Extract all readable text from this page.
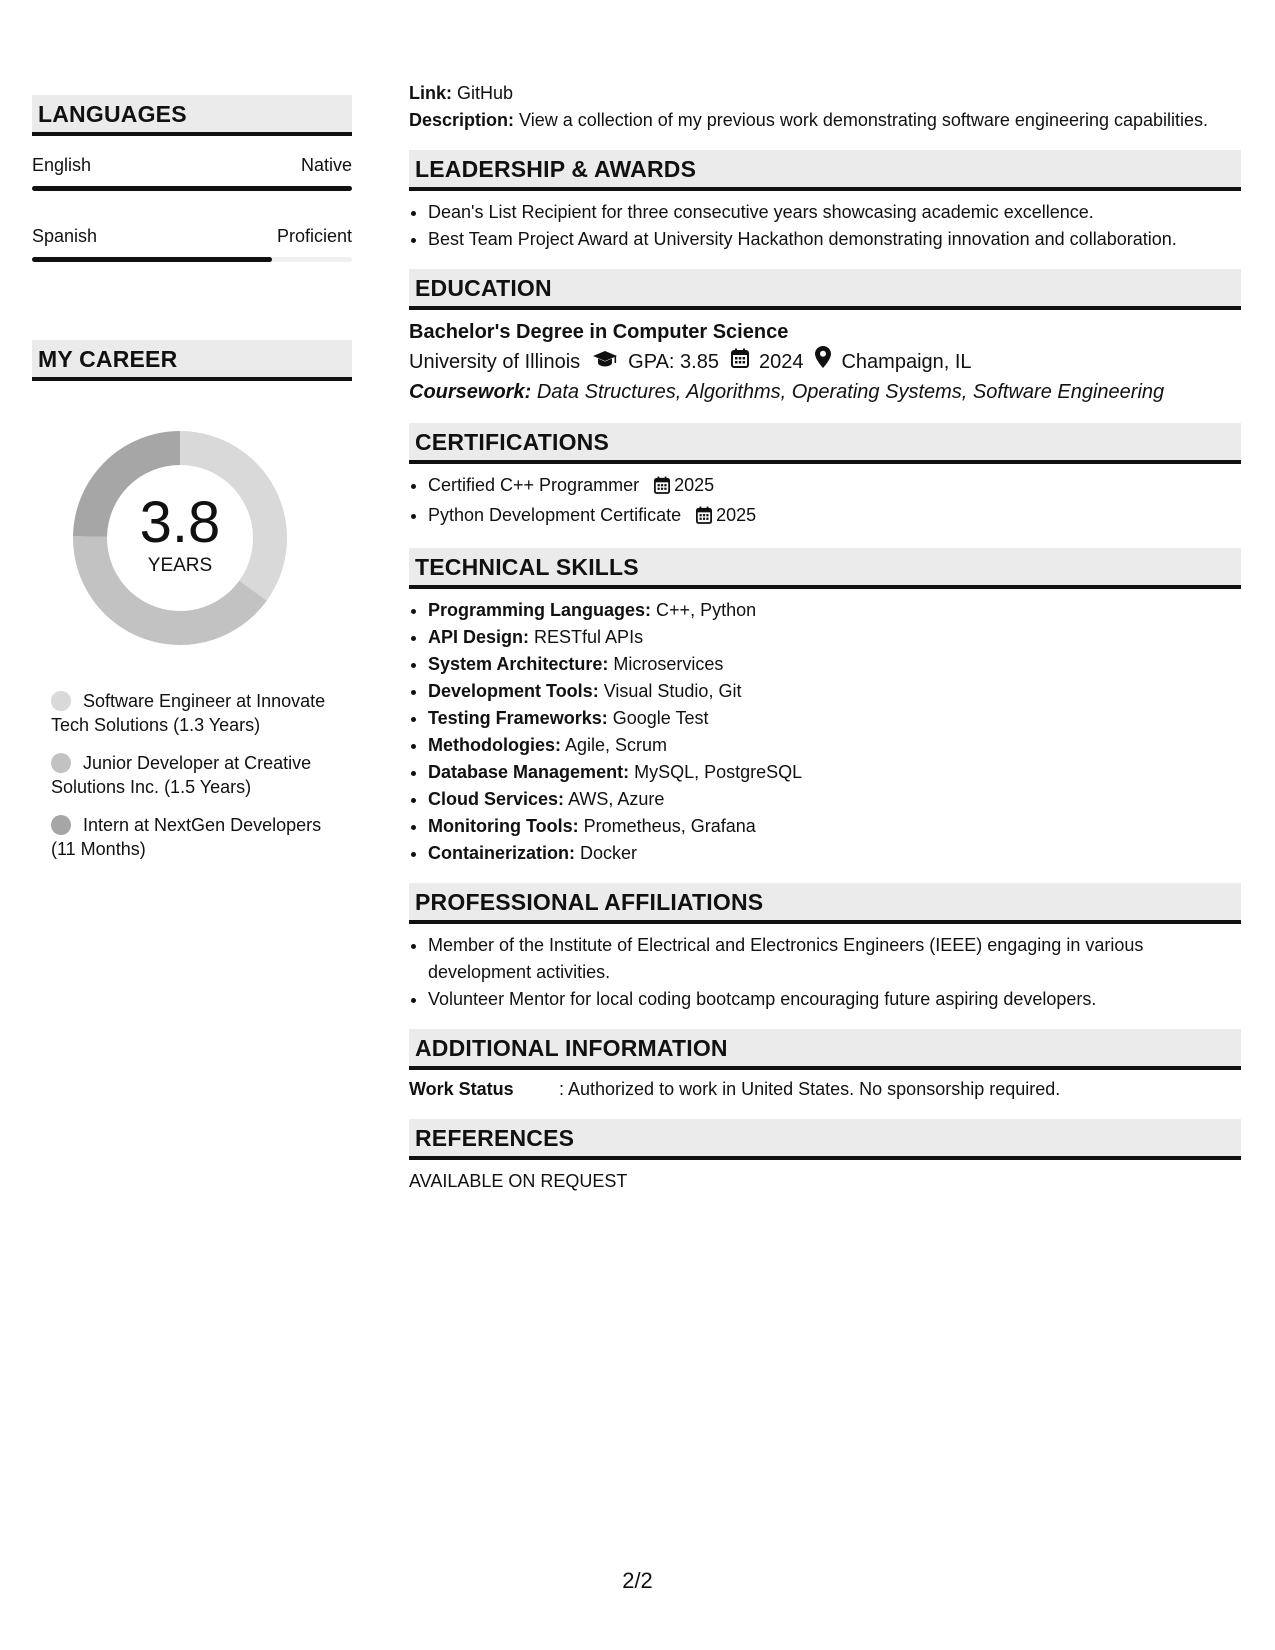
LANGUAGES
English	Native
Spanish	Proficient
MY CAREER
3.8
YEARS
Software Engineer at Innovate Tech Solutions (1.3 Years)
Junior Developer at Creative Solutions Inc. (1.5 Years)
Intern at NextGen Developers (11 Months)
Link: GitHub
Description: View a collection of my previous work demonstrating software engineering capabilities.
LEADERSHIP & AWARDS
• Dean's List Recipient for three consecutive years showcasing academic excellence.
• Best Team Project Award at University Hackathon demonstrating innovation and collaboration.
EDUCATION
Bachelor's Degree in Computer Science
University of Illinois GPA: 3.85 2024 Champaign, IL
Coursework: Data Structures, Algorithms, Operating Systems, Software Engineering
CERTIFICATIONS
• Certified C++ Programmer 2025
• Python Development Certificate 2025
TECHNICAL SKILLS
• Programming Languages: C++, Python
• API Design: RESTful APIs
• System Architecture: Microservices
• Development Tools: Visual Studio, Git
• Testing Frameworks: Google Test
• Methodologies: Agile, Scrum
• Database Management: MySQL, PostgreSQL
• Cloud Services: AWS, Azure
• Monitoring Tools: Prometheus, Grafana
• Containerization: Docker
PROFESSIONAL AFFILIATIONS
• Member of the Institute of Electrical and Electronics Engineers (IEEE) engaging in various development activities.
• Volunteer Mentor for local coding bootcamp encouraging future aspiring developers.
ADDITIONAL INFORMATION
Work Status	: Authorized to work in United States. No sponsorship required.
REFERENCES
AVAILABLE ON REQUEST
2/2
